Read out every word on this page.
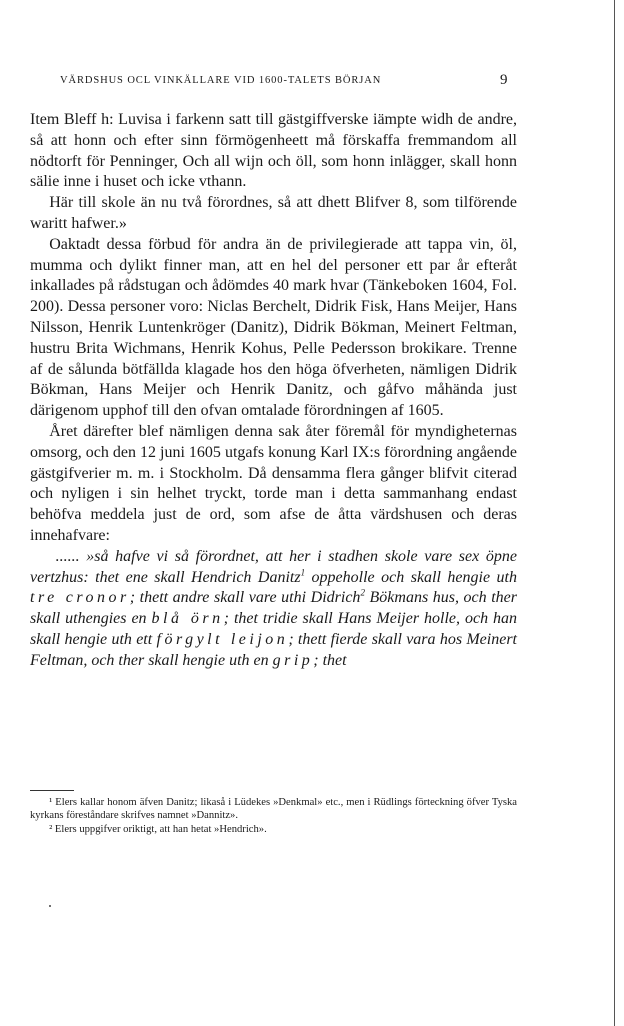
VÄRDSHUS OCL VINKÄLLARE VID 1600-TALETS BÖRJAN	9

Item Bleff h: Luvisa i farkenn satt till gästgiffverske iämpte widh de andre, så att honn och efter sinn förmögenheett må förskaffa fremmandom all nödtorft för Penninger, Och all wijn och öll, som honn inlägger, skall honn sälie inne i huset och icke vthann.

Här till skole än nu två förordnes, så att dhett Blifver 8, som tilförende waritt hafwer.»

Oaktadt dessa förbud för andra än de privilegierade att tappa vin, öl, mumma och dylikt finner man, att en hel del personer ett par år efteråt inkallades på rådstugan och ådömdes 40 mark hvar (Tänkeboken 1604, Fol. 200). Dessa personer voro: Niclas Berchelt, Didrik Fisk, Hans Meijer, Hans Nilsson, Henrik Luntenkröger (Danitz), Didrik Bökman, Meinert Feltman, hustru Brita Wichmans, Henrik Kohus, Pelle Pedersson brokikare. Trenne af de sålunda bötfällda klagade hos den höga öfverheten, nämligen Didrik Bökman, Hans Meijer och Henrik Danitz, och gåfvo måhända just därigenom upphof till den ofvan omtalade förordningen af 1605.

Året därefter blef nämligen denna sak åter föremål för myndigheternas omsorg, och den 12 juni 1605 utgafs konung Karl IX:s förordning angående gästgifverier m. m. i Stockholm. Då densamma flera gånger blifvit citerad och nyligen i sin helhet tryckt, torde man i detta sammanhang endast behöfva meddela just de ord, som afse de åtta värdshusen och deras innehafvare:

...... »så hafve vi så förordnet, att her i stadhen skole vare sex öpne vertzhus: thet ene skall Hendrich Danitz$^1$ oppeholle och skall hengie uth tre cronor; thett andre skall vare uthi Didrich$^2$ Bökmans hus, och ther skall uthengies en blå örn; thet tridie skall Hans Meijer holle, och han skall hengie uth ett förgylt leijon; thett fierde skall vara hos Meinert Feltman, och ther skall hengie uth en grip; thet

¹ Elers kallar honom äfven Danitz; likaså i Lüdekes »Denkmal» etc., men i Rüdlings förteckning öfver Tyska kyrkans föreståndare skrifves namnet »Dannitz».

² Elers uppgifver oriktigt, att han hetat »Hendrich».
